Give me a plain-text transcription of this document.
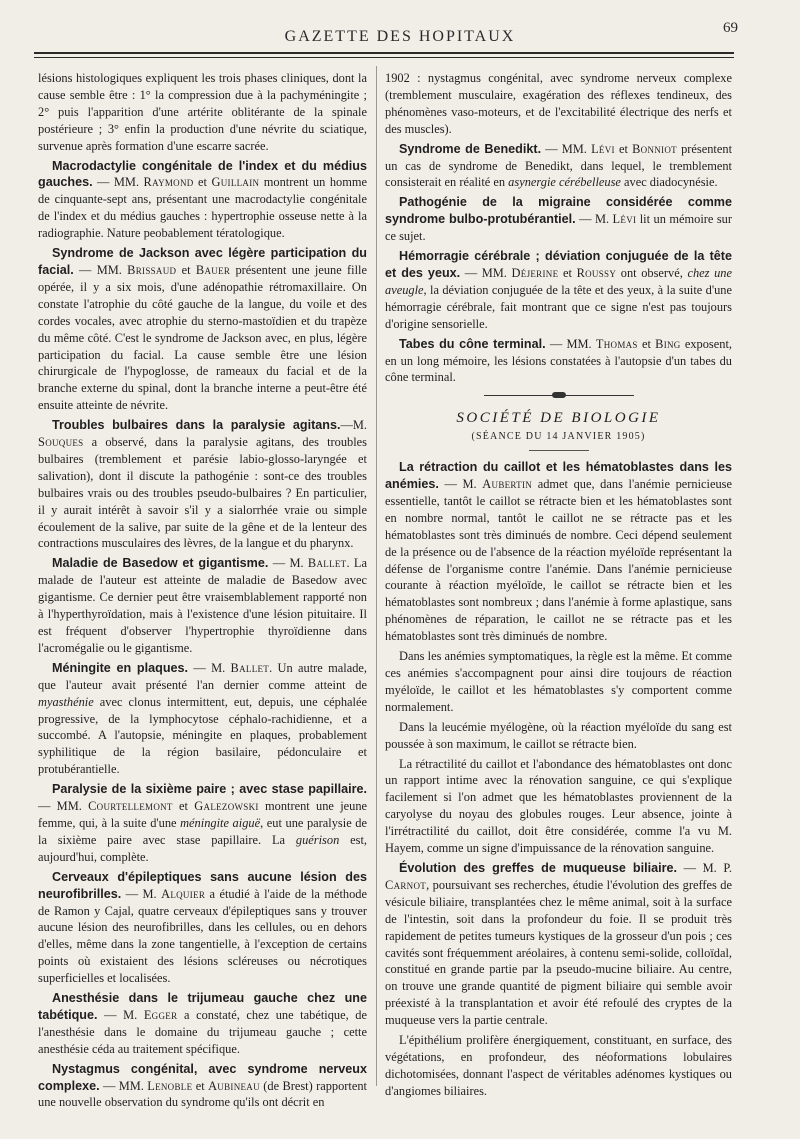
GAZETTE DES HOPITAUX	69

lésions histologiques expliquent les trois phases cliniques, dont la cause semble être : 1° la compression due à la pachyméningite ; 2° puis l'apparition d'une artérite oblitérante de la spinale postérieure ; 3° enfin la production d'une névrite du sciatique, survenue après formation d'une escarre sacrée.

Macrodactylie congénitale de l'index et du médius gauches. — MM. Raymond et Guillain montrent un homme de cinquante-sept ans, présentant une macrodactylie congénitale de l'index et du médius gauches : hypertrophie osseuse nette à la radiographie. Nature peobablement tératologique.

Syndrome de Jackson avec légère participation du facial. — MM. Brissaud et Bauer présentent une jeune fille opérée, il y a six mois, d'une adénopathie rétromaxillaire. On constate l'atrophie du côté gauche de la langue, du voile et des cordes vocales, avec atrophie du sterno-mastoïdien et du trapèze du même côté. C'est le syndrome de Jackson avec, en plus, légère participation du facial. La cause semble être une lésion chirurgicale de l'hypoglosse, de rameaux du facial et de la branche externe du spinal, dont la branche interne a peut-être été ensuite atteinte de névrite.

Troubles bulbaires dans la paralysie agitans.—M. Souques a observé, dans la paralysie agitans, des troubles bulbaires (tremblement et parésie labio-glosso-laryngée et salivation), dont il discute la pathogénie : sont-ce des troubles bulbaires vrais ou des troubles pseudo-bulbaires ? En particulier, il y aurait intérêt à savoir s'il y a sialorrhée vraie ou simple écoulement de la salive, par suite de la gêne et de la lenteur des contractions musculaires des lèvres, de la langue et du pharynx.

Maladie de Basedow et gigantisme. — M. Ballet. La malade de l'auteur est atteinte de maladie de Basedow avec gigantisme. Ce dernier peut être vraisemblablement rapporté non à l'hyperthyroïdation, mais à l'existence d'une lésion pituitaire. Il est fréquent d'observer l'hypertrophie thyroïdienne dans l'acromégalie ou le gigantisme.

Méningite en plaques. — M. Ballet. Un autre malade, que l'auteur avait présenté l'an dernier comme atteint de myasthénie avec clonus intermittent, eut, depuis, une céphalée progressive, de la lymphocytose céphalo-rachidienne, et a succombé. A l'autopsie, méningite en plaques, probablement syphilitique de la région basilaire, pédonculaire et protubérantielle.

Paralysie de la sixième paire ; avec stase papillaire. — MM. Courtellemont et Galezowski montrent une jeune femme, qui, à la suite d'une méningite aiguë, eut une paralysie de la sixième paire avec stase papillaire. La guérison est, aujourd'hui, complète.

Cerveaux d'épileptiques sans aucune lésion des neurofibrilles. — M. Alquier a étudié à l'aide de la méthode de Ramon y Cajal, quatre cerveaux d'épileptiques sans y trouver aucune lésion des neurofibrilles, dans les cellules, ou en dehors d'elles, même dans la zone tangentielle, à l'exception de certains points où existaient des lésions scléreuses ou nécrotiques superficielles et localisées.

Anesthésie dans le trijumeau gauche chez une tabétique. — M. Egger a constaté, chez une tabétique, de l'anesthésie dans le domaine du trijumeau gauche ; cette anesthésie céda au traitement spécifique.

Nystagmus congénital, avec syndrome nerveux complexe. — MM. Lenoble et Aubineau (de Brest) rapportent une nouvelle observation du syndrome qu'ils ont décrit en

1902 : nystagmus congénital, avec syndrome nerveux complexe (tremblement musculaire, exagération des réflexes tendineux, des phénomènes vaso-moteurs, et de l'excitabilité électrique des nerfs et des muscles).

Syndrome de Benedikt. — MM. Lévi et Bonniot présentent un cas de syndrome de Benedikt, dans lequel, le tremblement consisterait en réalité en asynergie cérébelleuse avec diadocynésie.

Pathogénie de la migraine considérée comme syndrome bulbo-protubérantiel. — M. Lévi lit un mémoire sur ce sujet.

Hémorragie cérébrale ; déviation conjuguée de la tête et des yeux. — MM. Déjerine et Roussy ont observé, chez une aveugle, la déviation conjuguée de la tête et des yeux, à la suite d'une hémorragie cérébrale, fait montrant que ce signe n'est pas toujours d'origine sensorielle.

Tabes du cône terminal. — MM. Thomas et Bing exposent, en un long mémoire, les lésions constatées à l'autopsie d'un tabes du cône terminal.

SOCIÉTÉ DE BIOLOGIE
(SÉANCE DU 14 JANVIER 1905)

La rétraction du caillot et les hématoblastes dans les anémies. — M. Aubertin admet que, dans l'anémie pernicieuse essentielle, tantôt le caillot se rétracte bien et les hématoblastes sont en nombre normal, tantôt le caillot ne se rétracte pas et les hématoblastes sont très diminués de nombre. Ceci dépend seulement de la présence ou de l'absence de la réaction myéloïde représentant la défense de l'organisme contre l'anémie. Dans l'anémie pernicieuse courante à réaction myéloïde, le caillot se rétracte bien et les hématoblastes sont nombreux ; dans l'anémie à forme aplastique, sans phénomènes de réparation, le caillot ne se rétracte pas et les hématoblastes sont très diminués de nombre.

Dans les anémies symptomatiques, la règle est la même. Et comme ces anémies s'accompagnent pour ainsi dire toujours de réaction myéloïde, le caillot et les hématoblastes s'y comportent comme normalement.

Dans la leucémie myélogène, où la réaction myéloïde du sang est poussée à son maximum, le caillot se rétracte bien.

La rétractilité du caillot et l'abondance des hématoblastes ont donc un rapport intime avec la rénovation sanguine, ce qui s'explique facilement si l'on admet que les hématoblastes proviennent de la caryolyse du noyau des globules rouges. Leur absence, jointe à l'irrétractilité du caillot, doit être considérée, comme l'a vu M. Hayem, comme un signe d'impuissance de la rénovation sanguine.

Évolution des greffes de muqueuse biliaire. — M. P. Carnot, poursuivant ses recherches, étudie l'évolution des greffes de vésicule biliaire, transplantées chez le même animal, soit à la surface de l'intestin, soit dans la profondeur du foie. Il se produit très rapidement de petites tumeurs kystiques de la grosseur d'un pois ; ces cavités sont fréquemment aréolaires, à contenu semi-solide, colloïdal, constitué en grande partie par la pseudo-mucine biliaire. Au centre, on trouve une grande quantité de pigment biliaire qui semble avoir préexisté à la transplantation et avoir été refoulé des cryptes de la muqueuse vers la partie centrale.

L'épithélium prolifère énergiquement, constituant, en surface, des végétations, en profondeur, des néoformations lobulaires dichotomisées, donnant l'aspect de véritables adénomes kystiques ou d'angiomes biliaires.
